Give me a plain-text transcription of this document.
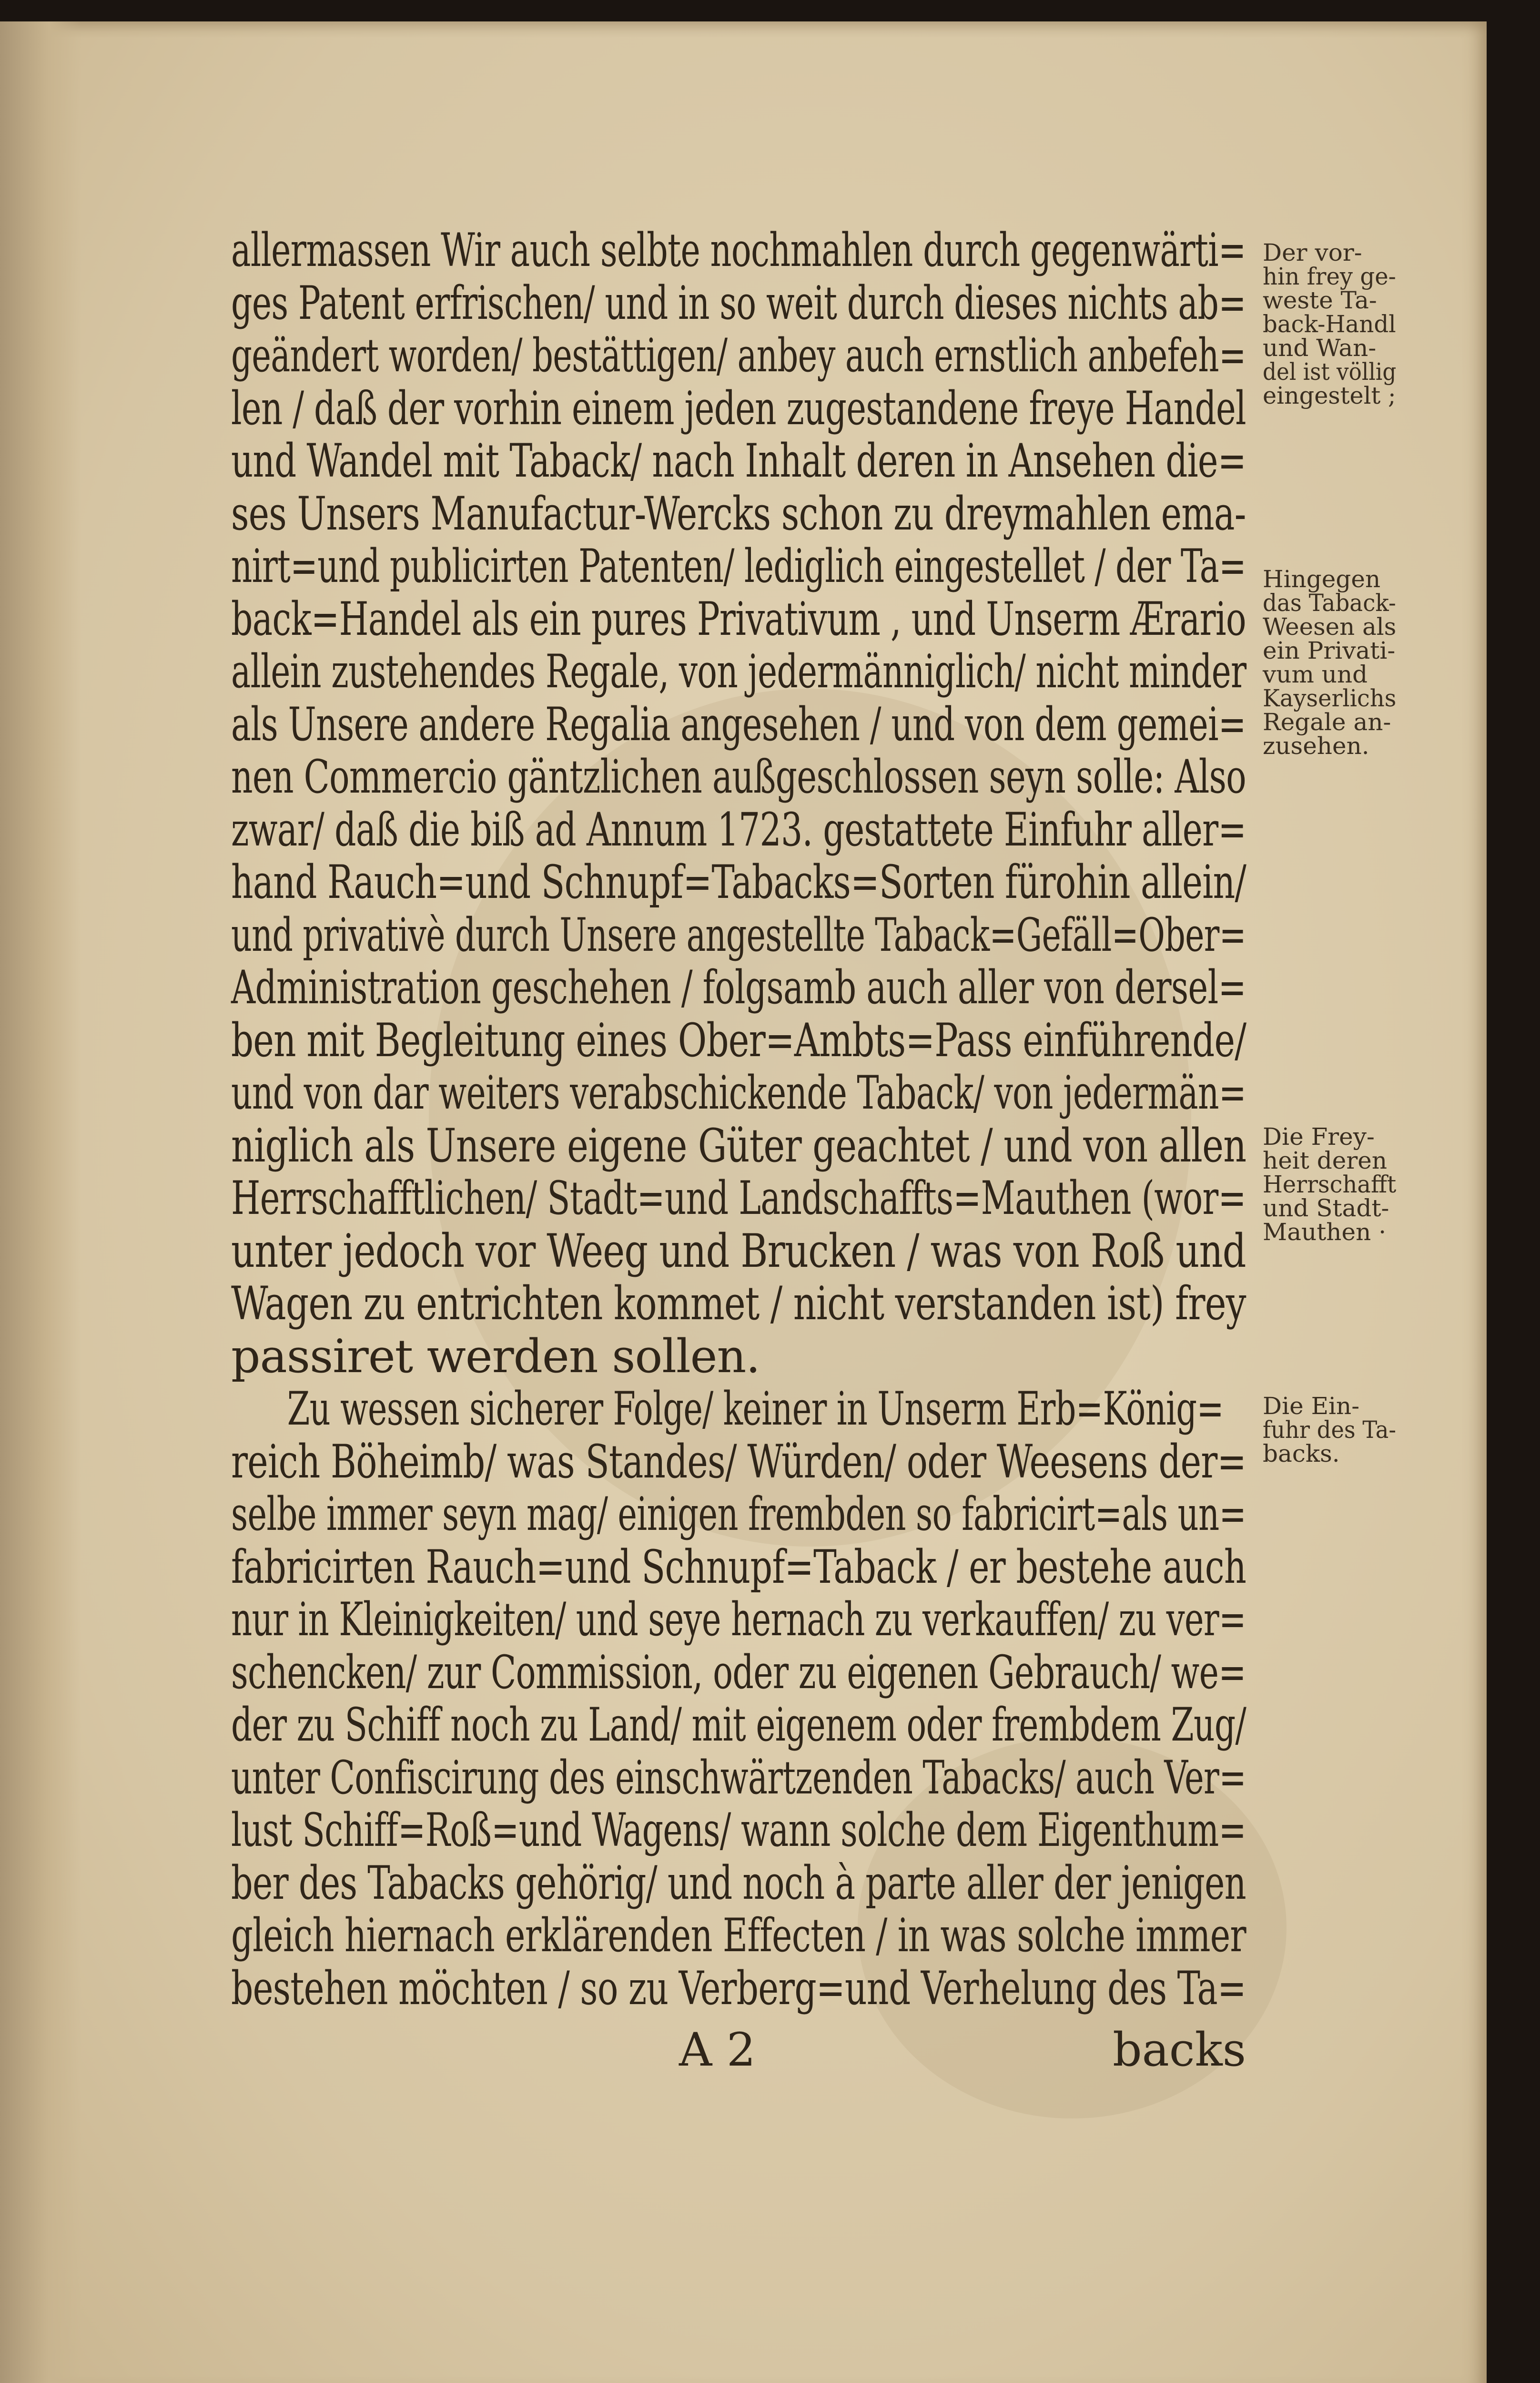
allermassen Wir auch selbte nochmahlen durch gegenwärti=
ges Patent erfrischen/ und in so weit durch dieses nichts ab=
geändert worden/ bestättigen/ anbey auch ernstlich anbefeh=
len / daß der vorhin einem jeden zugestandene freye Handel
und Wandel mit Taback/ nach Inhalt deren in Ansehen die=
ses Unsers Manufactur-Wercks schon zu dreymahlen ema-
nirt=und publicirten Patenten/ lediglich eingestellet / der Ta=
back=Handel als ein pures Privativum , und Unserm Ærario
allein zustehendes Regale, von jedermänniglich/ nicht minder
als Unsere andere Regalia angesehen / und von dem gemei=
nen Commercio gäntzlichen außgeschlossen seyn solle: Also
zwar/ daß die biß ad Annum 1723. gestattete Einfuhr aller=
hand Rauch=und Schnupf=Tabacks=Sorten fürohin allein/
und privativè durch Unsere angestellte Taback=Gefäll=Ober=
Administration geschehen / folgsamb auch aller von dersel=
ben mit Begleitung eines Ober=Ambts=Pass einführende/
und von dar weiters verabschickende Taback/ von jedermän=
niglich als Unsere eigene Güter geachtet / und von allen
Herrschafftlichen/ Stadt=und Landschaffts=Mauthen (wor=
unter jedoch vor Weeg und Brucken / was von Roß und
Wagen zu entrichten kommet / nicht verstanden ist) frey
passiret werden sollen.
Zu wessen sicherer Folge/ keiner in Unserm Erb=König=
reich Böheimb/ was Standes/ Würden/ oder Weesens der=
selbe immer seyn mag/ einigen frembden so fabricirt=als un=
fabricirten Rauch=und Schnupf=Taback / er bestehe auch
nur in Kleinigkeiten/ und seye hernach zu verkauffen/ zu ver=
schencken/ zur Commission, oder zu eigenen Gebrauch/ we=
der zu Schiff noch zu Land/ mit eigenem oder frembdem Zug/
unter Confiscirung des einschwärtzenden Tabacks/ auch Ver=
lust Schiff=Roß=und Wagens/ wann solche dem Eigenthum=
ber des Tabacks gehörig/ und noch à parte aller der jenigen
gleich hiernach erklärenden Effecten / in was solche immer
bestehen möchten / so zu Verberg=und Verhelung des Ta=
A 2	backs
Der vor-
hin frey ge-
weste Ta-
back-Handl
und Wan-
del ist völlig
eingestelt ;
Hingegen
das Taback-
Weesen als
ein Privati-
vum und
Kayserlichs
Regale an-
zusehen.
Die Frey-
heit deren
Herrschafft
und Stadt-
Mauthen ·
Die Ein-
fuhr des Ta-
backs.
